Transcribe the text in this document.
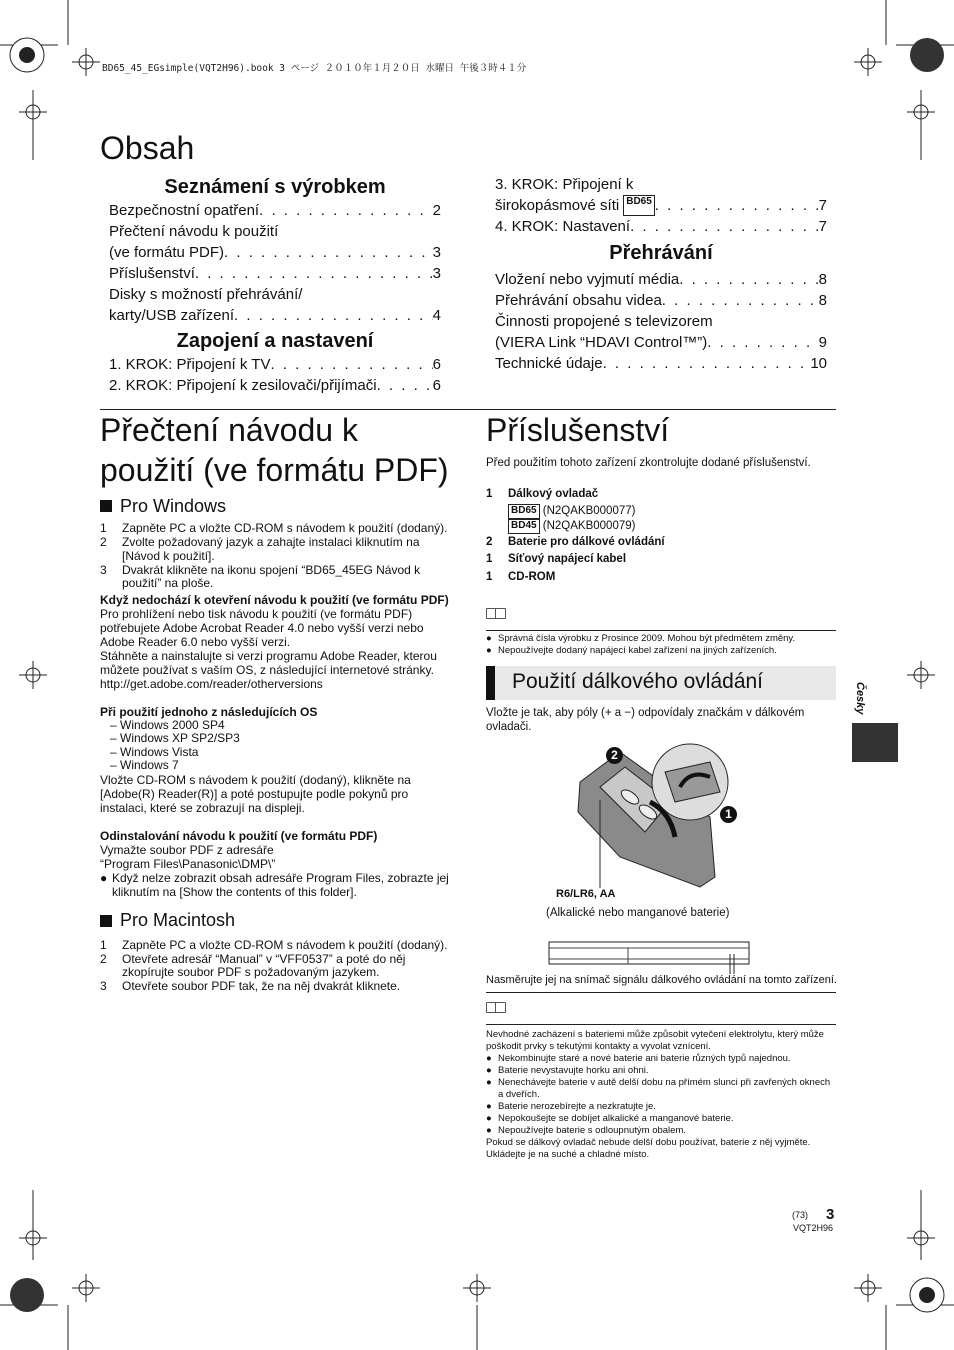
BD65_45_EGsimple(VQT2H96).book 3 ページ ２０１０年１月２０日 水曜日 午後３時４１分
Obsah
Seznámení s výrobkem
Bezpečnostní opatření . . .	2
Přečtení návodu k použití
(ve formátu PDF) . . .	3
Příslušenství . . .	3
Disky s možností přehrávání/
karty/USB zařízení . . .	4
Zapojení a nastavení
1. KROK: Připojení k TV . . .	6
2. KROK: Připojení k zesilovači/přijímači . . .	6
3. KROK: Připojení k
širokopásmové síti BD65 . . .	7
4. KROK: Nastavení . . .	7
Přehrávání
Vložení nebo vyjmutí média . . .	8
Přehrávání obsahu videa . . .	8
Činnosti propojené s televizorem
(VIERA Link “HDAVI Control™”) . . .	9
Technické údaje . . .	10
Přečtení návodu k
použití (ve formátu PDF)
Pro Windows
1	Zapněte PC a vložte CD-ROM s návodem k použití (dodaný).
2	Zvolte požadovaný jazyk a zahajte instalaci kliknutím na [Návod k použití].
3	Dvakrát klikněte na ikonu spojení “BD65_45EG Návod k použití” na ploše.
Když nedochází k otevření návodu k použití (ve formátu PDF)
Pro prohlížení nebo tisk návodu k použití (ve formátu PDF) potřebujete Adobe Acrobat Reader 4.0 nebo vyšší verzi nebo Adobe Reader 6.0 nebo vyšší verzi.
Stáhněte a nainstalujte si verzi programu Adobe Reader, kterou můžete používat s vaším OS, z následující internetové stránky.
http://get.adobe.com/reader/otherversions
Při použití jednoho z následujících OS
– Windows 2000 SP4
– Windows XP SP2/SP3
– Windows Vista
– Windows 7
Vložte CD-ROM s návodem k použití (dodaný), klikněte na [Adobe(R) Reader(R)] a poté postupujte podle pokynů pro instalaci, které se zobrazují na displeji.
Odinstalování návodu k použití (ve formátu PDF)
Vymažte soubor PDF z adresáře
“Program Files\Panasonic\DMP\”
● Když nelze zobrazit obsah adresáře Program Files, zobrazte jej kliknutím na [Show the contents of this folder].
Pro Macintosh
1	Zapněte PC a vložte CD-ROM s návodem k použití (dodaný).
2	Otevřete adresář “Manual” v “VFF0537” a poté do něj zkopírujte soubor PDF s požadovaným jazykem.
3	Otevřete soubor PDF tak, že na něj dvakrát kliknete.
Příslušenství
Před použitím tohoto zařízení zkontrolujte dodané příslušenství.
1	Dálkový ovladač
BD65
(N2QAKB000077)
BD45
(N2QAKB000079)
2	Baterie pro dálkové ovládání
1	Síťový napájecí kabel
1	CD-ROM
● Správná čísla výrobku z Prosince 2009. Mohou být předmětem změny.
● Nepoužívejte dodaný napájecí kabel zařízení na jiných zařízeních.
Použití dálkového ovládání
Vložte je tak, aby póly (+ a −) odpovídaly značkám v dálkovém ovladači.
2
1
R6/LR6, AA
(Alkalické nebo manganové baterie)
Nasměrujte jej na snímač signálu dálkového ovládání na tomto zařízení.
Nevhodné zacházení s bateriemi může způsobit vytečení elektrolytu, který může poškodit prvky s tekutými kontakty a vyvolat vznícení.
● Nekombinujte staré a nové baterie ani baterie různých typů najednou.
● Baterie nevystavujte horku ani ohni.
● Nenechávejte baterie v autě delší dobu na přímém slunci při zavřených oknech a dveřích.
● Baterie nerozebírejte a nezkratujte je.
● Nepokoušejte se dobíjet alkalické a manganové baterie.
● Nepoužívejte baterie s odloupnutým obalem.
Pokud se dálkový ovladač nebude delší dobu používat, baterie z něj vyjměte. Ukládejte je na suché a chladné místo.
Česky
(73) 3
VQT2H96
